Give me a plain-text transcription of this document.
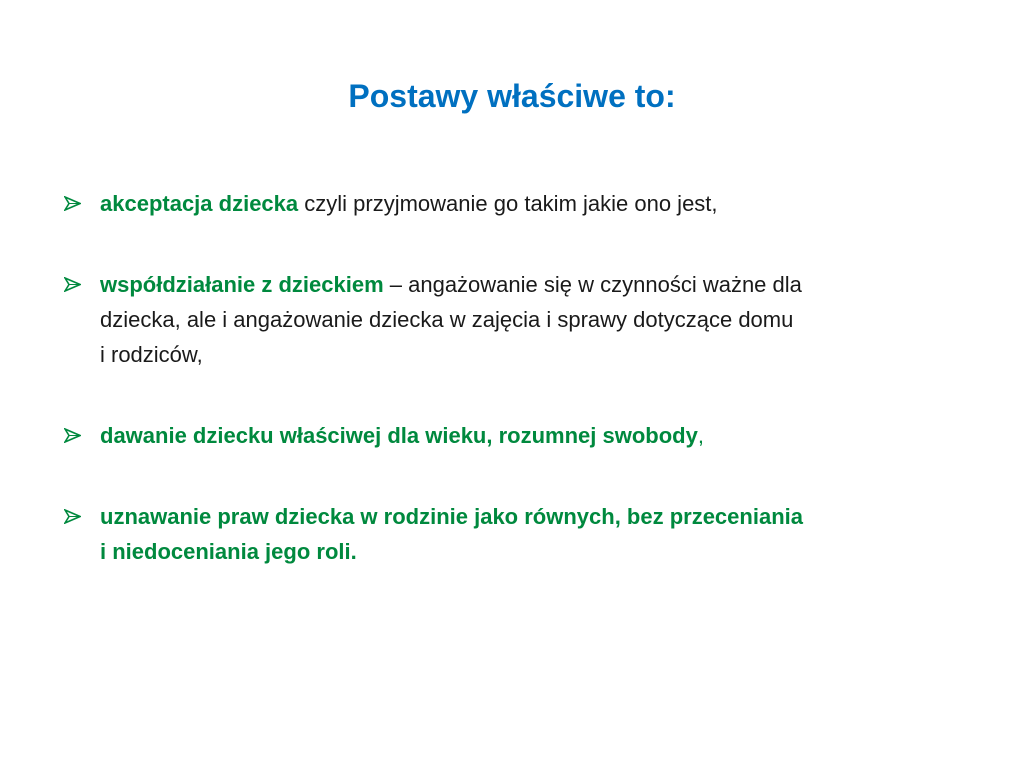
Postawy właściwe to:
akceptacja dziecka czyli przyjmowanie go takim jakie ono jest,
współdziałanie z dzieckiem – angażowanie się w czynności ważne dla
dziecka, ale i angażowanie dziecka w zajęcia i sprawy dotyczące domu
i rodziców,
dawanie dziecku właściwej dla wieku, rozumnej swobody,
uznawanie praw dziecka w rodzinie jako równych, bez przeceniania
i niedoceniania jego roli.
